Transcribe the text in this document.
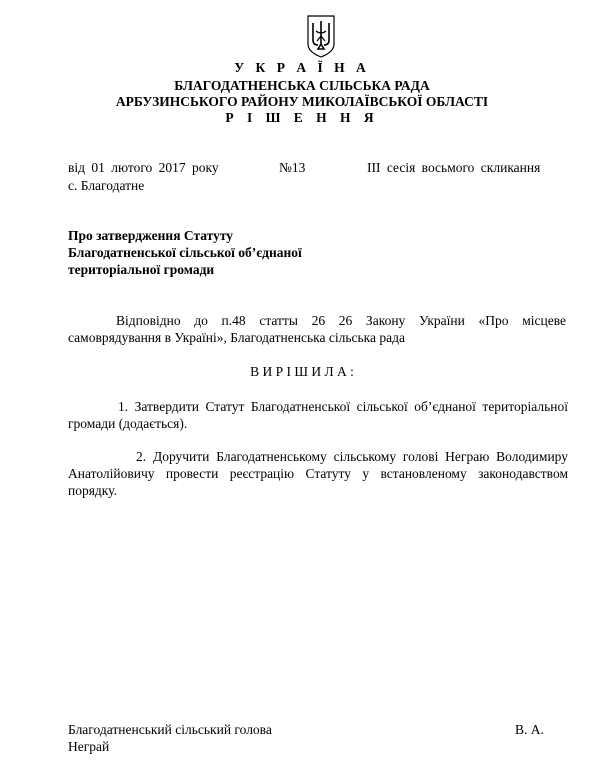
У К Р А Ї Н А
БЛАГОДАТНЕНСЬКА СІЛЬСЬКА РАДА
АРБУЗИНСЬКОГО РАЙОНУ МИКОЛАЇВСЬКОЇ ОБЛАСТІ
Р І Ш Е Н Н Я
від 01 лютого 2017 року	№13	III сесія восьмого скликання
с. Благодатне
Про затвердження Статуту
Благодатненської сільської об’єднаної
територіальної громади
Відповідно до п.48 статты 26 26 Закону України «Про місцеве
самоврядування в Україні», Благодатненська сільська рада
В И Р І Ш И Л А :
1. Затвердити Статут Благодатненської сільської об’єднаної територіальної
громади (додається).
2. Доручити Благодатненському сільському голові Неграю Володимиру
Анатолійовичу провести реєстрацію Статуту у встановленому законодавством
порядку.
Благодатненський сільський голова	В. А.
Неграй
